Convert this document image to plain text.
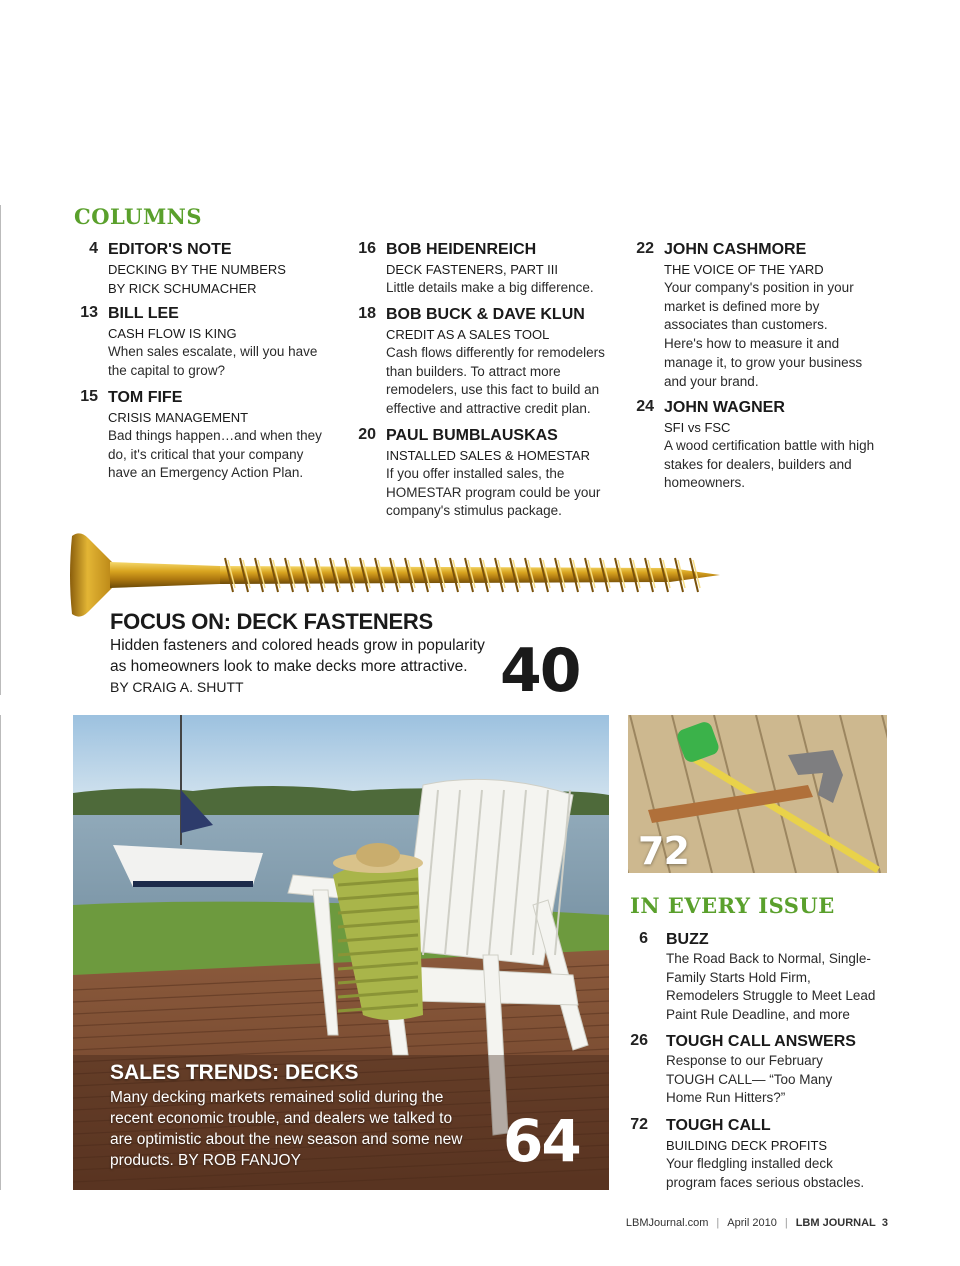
COLUMNS
4 EDITOR'S NOTE
DECKING BY THE NUMBERS
BY RICK SCHUMACHER
13 BILL LEE
CASH FLOW IS KING
When sales escalate, will you have the capital to grow?
15 TOM FIFE
CRISIS MANAGEMENT
Bad things happen…and when they do, it's critical that your company have an Emergency Action Plan.
16 BOB HEIDENREICH
DECK FASTENERS, PART III
Little details make a big difference.
18 BOB BUCK & DAVE KLUN
CREDIT AS A SALES TOOL
Cash flows differently for remodelers than builders. To attract more remodelers, use this fact to build an effective and attractive credit plan.
20 PAUL BUMBLAUSKAS
INSTALLED SALES & HOMESTAR
If you offer installed sales, the HOMESTAR program could be your company's stimulus package.
22 JOHN CASHMORE
THE VOICE OF THE YARD
Your company's position in your market is defined more by associates than customers. Here's how to measure it and manage it, to grow your business and your brand.
24 JOHN WAGNER
SFI vs FSC
A wood certification battle with high stakes for dealers, builders and homeowners.
FOCUS ON: DECK FASTENERS
Hidden fasteners and colored heads grow in popularity as homeowners look to make decks more attractive.
BY CRAIG A. SHUTT	40
SALES TRENDS: DECKS
Many decking markets remained solid during the recent economic trouble, and dealers we talked to are optimistic about the new season and some new products. BY ROB FANJOY	64
72
IN EVERY ISSUE
6 BUZZ
The Road Back to Normal, Single-Family Starts Hold Firm, Remodelers Struggle to Meet Lead Paint Rule Deadline, and more
26 TOUGH CALL ANSWERS
Response to our February TOUGH CALL— “Too Many Home Run Hitters?”
72 TOUGH CALL
BUILDING DECK PROFITS
Your fledgling installed deck program faces serious obstacles.
LBMJournal.com | April 2010 | LBM JOURNAL 3
